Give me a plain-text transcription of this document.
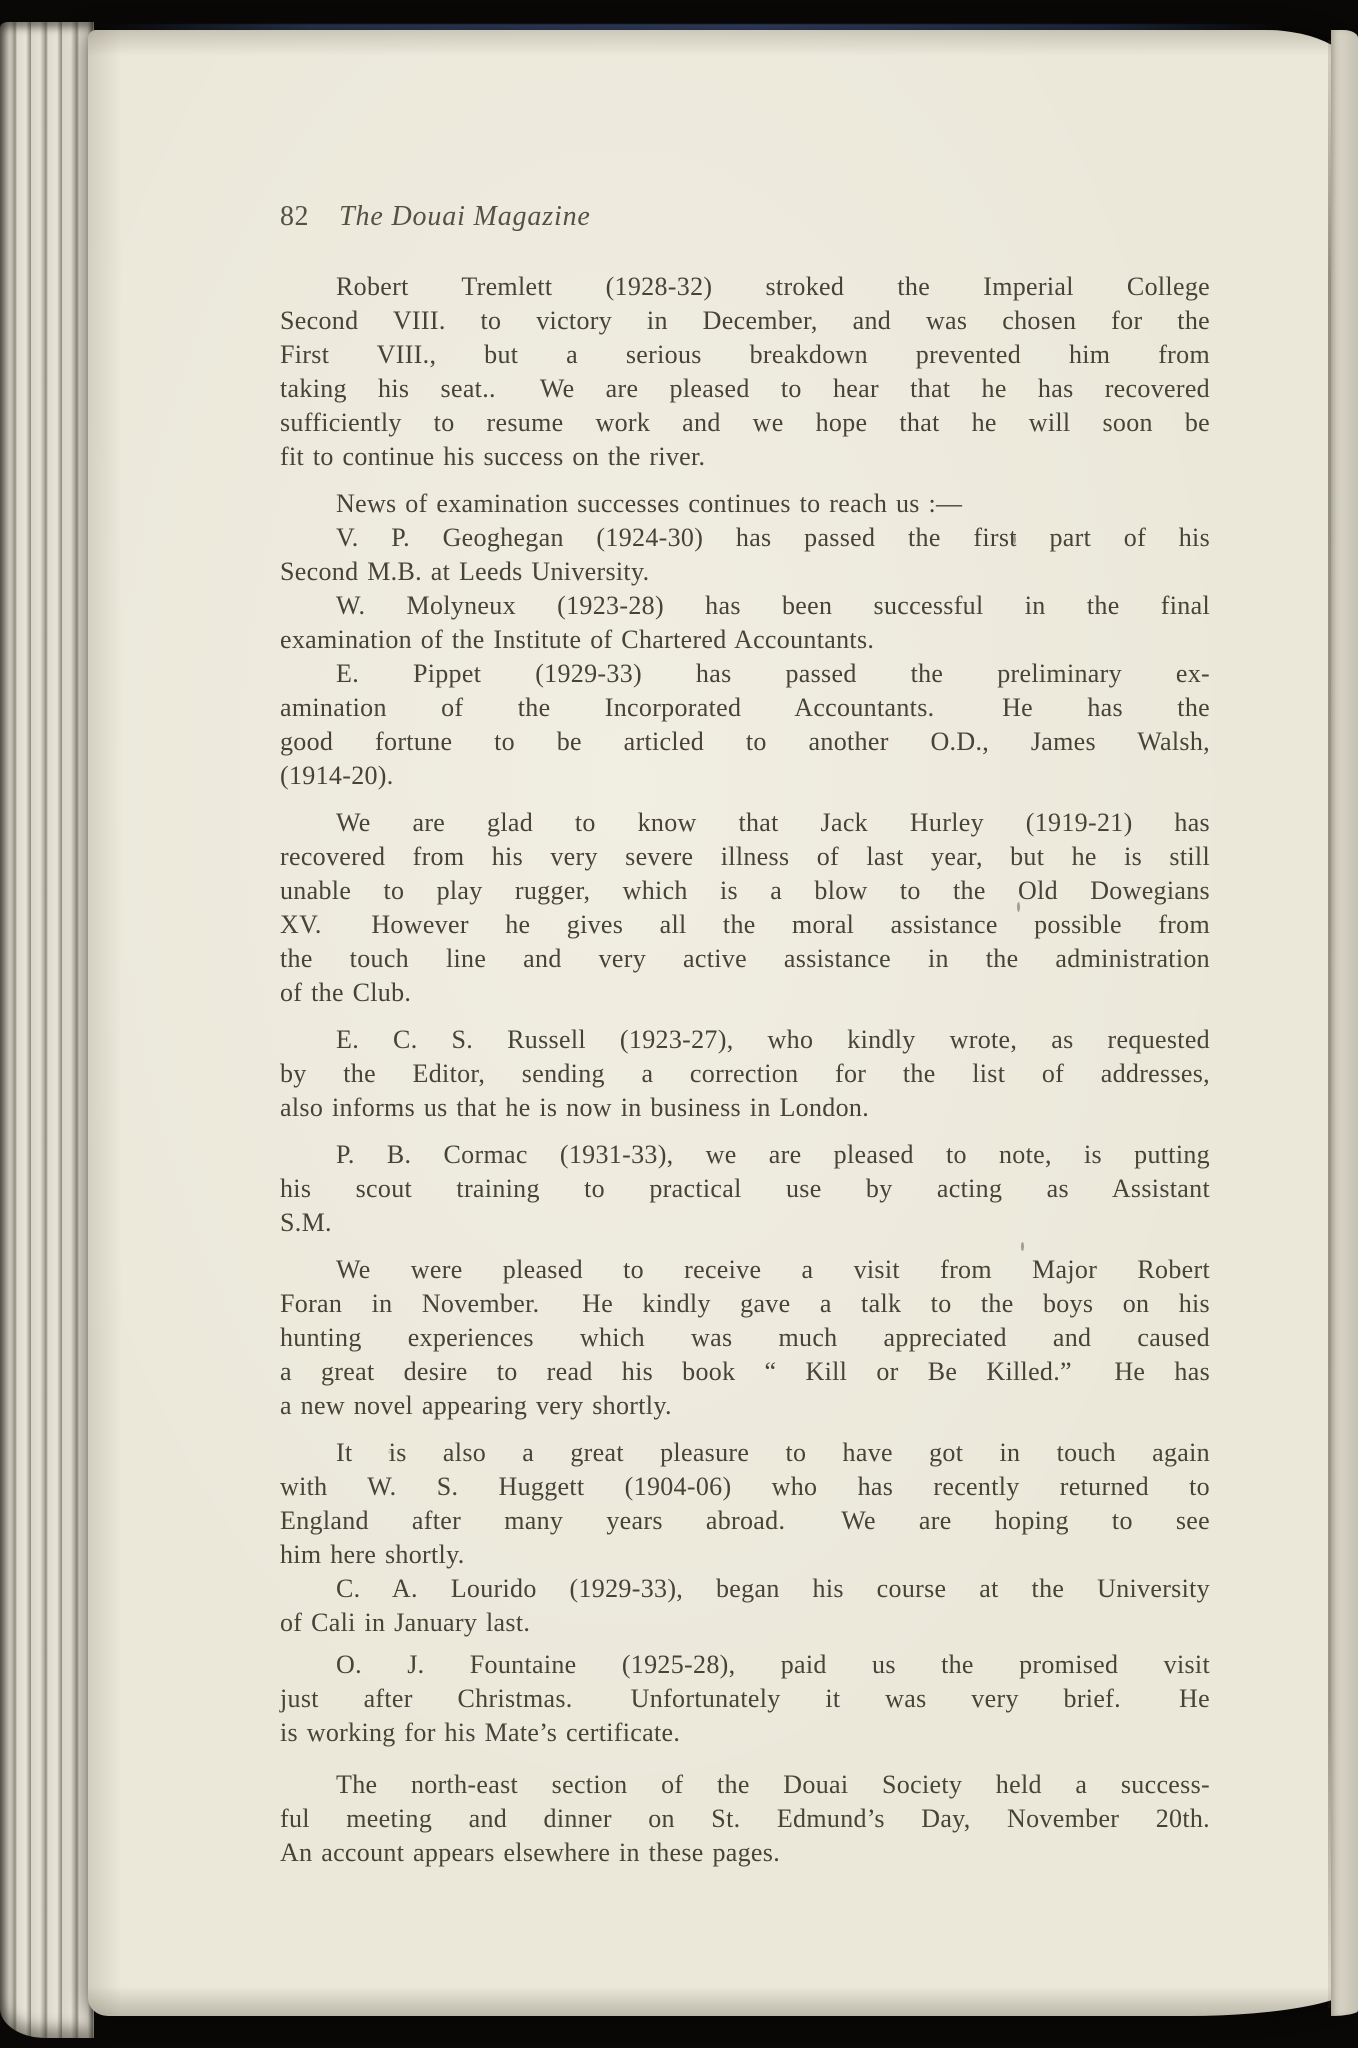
82 The Douai Magazine
Robert Tremlett (1928-32) stroked the Imperial College
Second VIII. to victory in December, and was chosen for the
First VIII., but a serious breakdown prevented him from
taking his seat..  We are pleased to hear that he has recovered
sufficiently to resume work and we hope that he will soon be
fit to continue his success on the river.
News of examination successes continues to reach us :—
V. P. Geoghegan (1924-30) has passed the first part of his
Second M.B. at Leeds University.
W. Molyneux (1923-28) has been successful in the final
examination of the Institute of Chartered Accountants.
E. Pippet (1929-33) has passed the preliminary ex-
amination of the Incorporated Accountants.  He has the
good fortune to be articled to another O.D., James Walsh,
(1914-20).
We are glad to know that Jack Hurley (1919-21) has
recovered from his very severe illness of last year, but he is still
unable to play rugger, which is a blow to the Old Dowegians
XV.  However he gives all the moral assistance possible from
the touch line and very active assistance in the administration
of the Club.
E. C. S. Russell (1923-27), who kindly wrote, as requested
by the Editor, sending a correction for the list of addresses,
also informs us that he is now in business in London.
P. B. Cormac (1931-33), we are pleased to note, is putting
his scout training to practical use by acting as Assistant
S.M.
We were pleased to receive a visit from Major Robert
Foran in November.  He kindly gave a talk to the boys on his
hunting experiences which was much appreciated and caused
a great desire to read his book “ Kill or Be Killed.”  He has
a new novel appearing very shortly.
It is also a great pleasure to have got in touch again
with W. S. Huggett (1904-06) who has recently returned to
England after many years abroad.  We are hoping to see
him here shortly.
C. A. Lourido (1929-33), began his course at the University
of Cali in January last.
O. J. Fountaine (1925-28), paid us the promised visit
just after Christmas.  Unfortunately it was very brief.  He
is working for his Mate’s certificate.
The north-east section of the Douai Society held a success-
ful meeting and dinner on St. Edmund’s Day, November 20th.
An account appears elsewhere in these pages.
